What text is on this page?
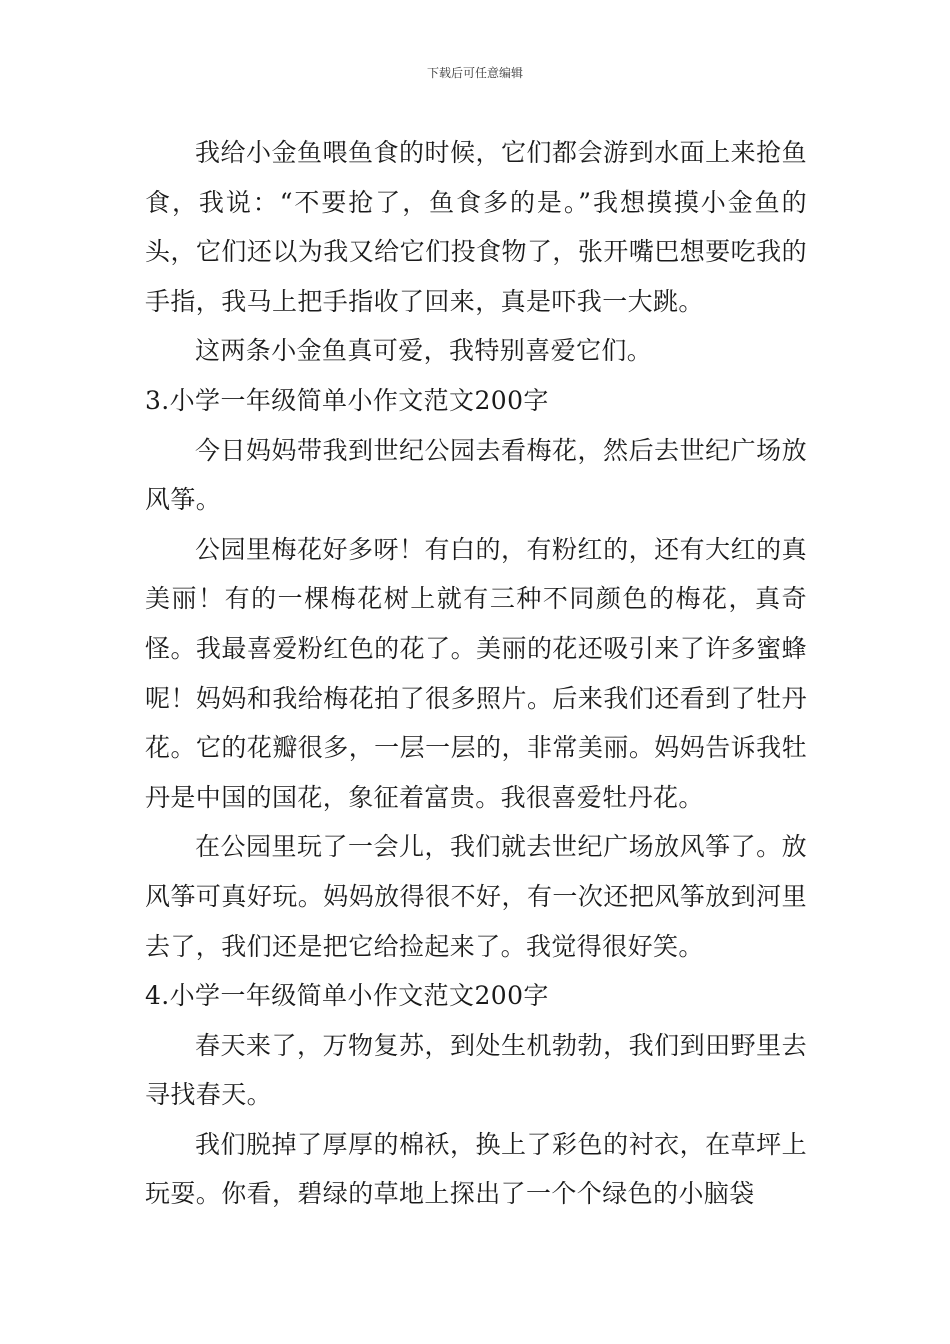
下载后可任意编辑

我给小金鱼喂鱼食的时候，它们都会游到水面上来抢鱼食，我说：“不要抢了，鱼食多的是。”我想摸摸小金鱼的头，它们还以为我又给它们投食物了，张开嘴巴想要吃我的手指，我马上把手指收了回来，真是吓我一大跳。

这两条小金鱼真可爱，我特别喜爱它们。

3.小学一年级简单小作文范文200字

今日妈妈带我到世纪公园去看梅花，然后去世纪广场放风筝。

公园里梅花好多呀！有白的，有粉红的，还有大红的真美丽！有的一棵梅花树上就有三种不同颜色的梅花，真奇怪。我最喜爱粉红色的花了。美丽的花还吸引来了许多蜜蜂呢！妈妈和我给梅花拍了很多照片。后来我们还看到了牡丹花。它的花瓣很多，一层一层的，非常美丽。妈妈告诉我牡丹是中国的国花，象征着富贵。我很喜爱牡丹花。

在公园里玩了一会儿，我们就去世纪广场放风筝了。放风筝可真好玩。妈妈放得很不好，有一次还把风筝放到河里去了，我们还是把它给捡起来了。我觉得很好笑。

4.小学一年级简单小作文范文200字

春天来了，万物复苏，到处生机勃勃，我们到田野里去寻找春天。

我们脱掉了厚厚的棉袄，换上了彩色的衬衣，在草坪上玩耍。你看，碧绿的草地上探出了一个个绿色的小脑袋
